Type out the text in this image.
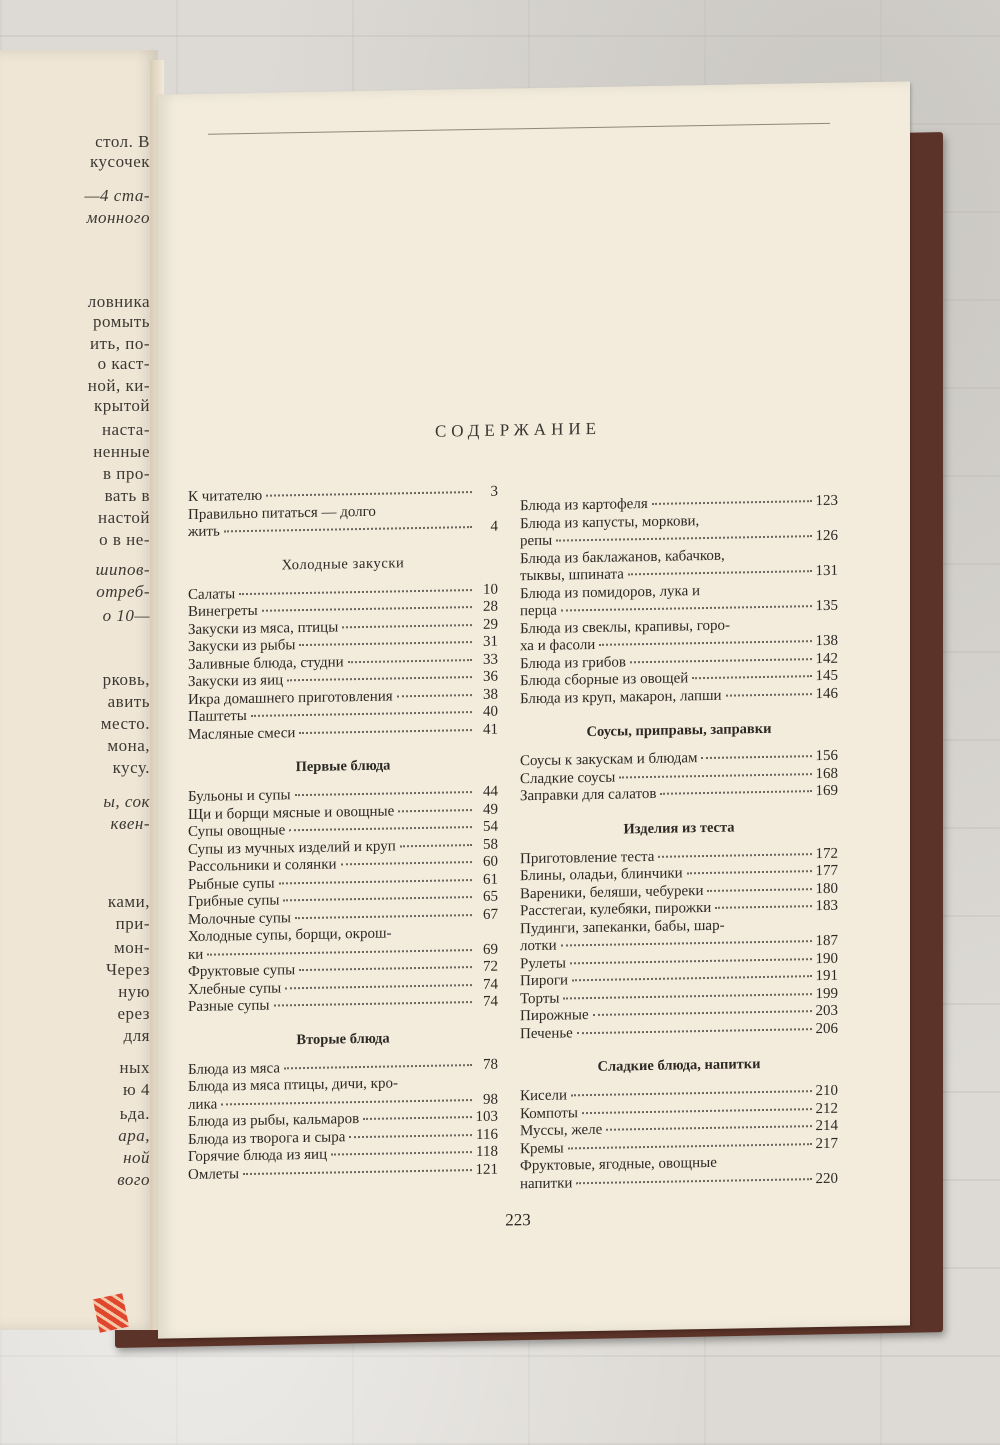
стол. В
кусочек
—4 ста-
монного
ловника
ромыть
ить, по-
о каст-
ной, ки-
крытой
наста-
ненные
в про-
вать в
настой
о в не-
шипов-
отреб-
о 10—
рковь,
авить
место.
мона,
кусу.
ы, сок
квен-
ками,
при-
мон-
Через
ную
ерез
для
ных
ю 4
ьда.
ара,
ной
вого
СОДЕРЖАНИЕ
К читателю	3
Правильно питаться — долго
жить	4
Холодные закуски
Салаты	10
Винегреты	28
Закуски из мяса, птицы	29
Закуски из рыбы	31
Заливные блюда, студни	33
Закуски из яиц	36
Икра домашнего приготовления	38
Паштеты	40
Масляные смеси	41
Первые блюда
Бульоны и супы	44
Щи и борщи мясные и овощные	49
Супы овощные	54
Супы из мучных изделий и круп	58
Рассольники и солянки	60
Рыбные супы	61
Грибные супы	65
Молочные супы	67
Холодные супы, борщи, окрош-
ки	69
Фруктовые супы	72
Хлебные супы	74
Разные супы	74
Вторые блюда
Блюда из мяса	78
Блюда из мяса птицы, дичи, кро-
лика	98
Блюда из рыбы, кальмаров	103
Блюда из творога и сыра	116
Горячие блюда из яиц	118
Омлеты	121
Блюда из картофеля	123
Блюда из капусты, моркови,
репы	126
Блюда из баклажанов, кабачков,
тыквы, шпината	131
Блюда из помидоров, лука и
перца	135
Блюда из свеклы, крапивы, горо-
ха и фасоли	138
Блюда из грибов	142
Блюда сборные из овощей	145
Блюда из круп, макарон, лапши	146
Соусы, приправы, заправки
Соусы к закускам и блюдам	156
Сладкие соусы	168
Заправки для салатов	169
Изделия из теста
Приготовление теста	172
Блины, оладьи, блинчики	177
Вареники, беляши, чебуреки	180
Расстегаи, кулебяки, пирожки	183
Пудинги, запеканки, бабы, шар-
лотки	187
Рулеты	190
Пироги	191
Торты	199
Пирожные	203
Печенье	206
Сладкие блюда, напитки
Кисели	210
Компоты	212
Муссы, желе	214
Кремы	217
Фруктовые, ягодные, овощные
напитки	220
223
